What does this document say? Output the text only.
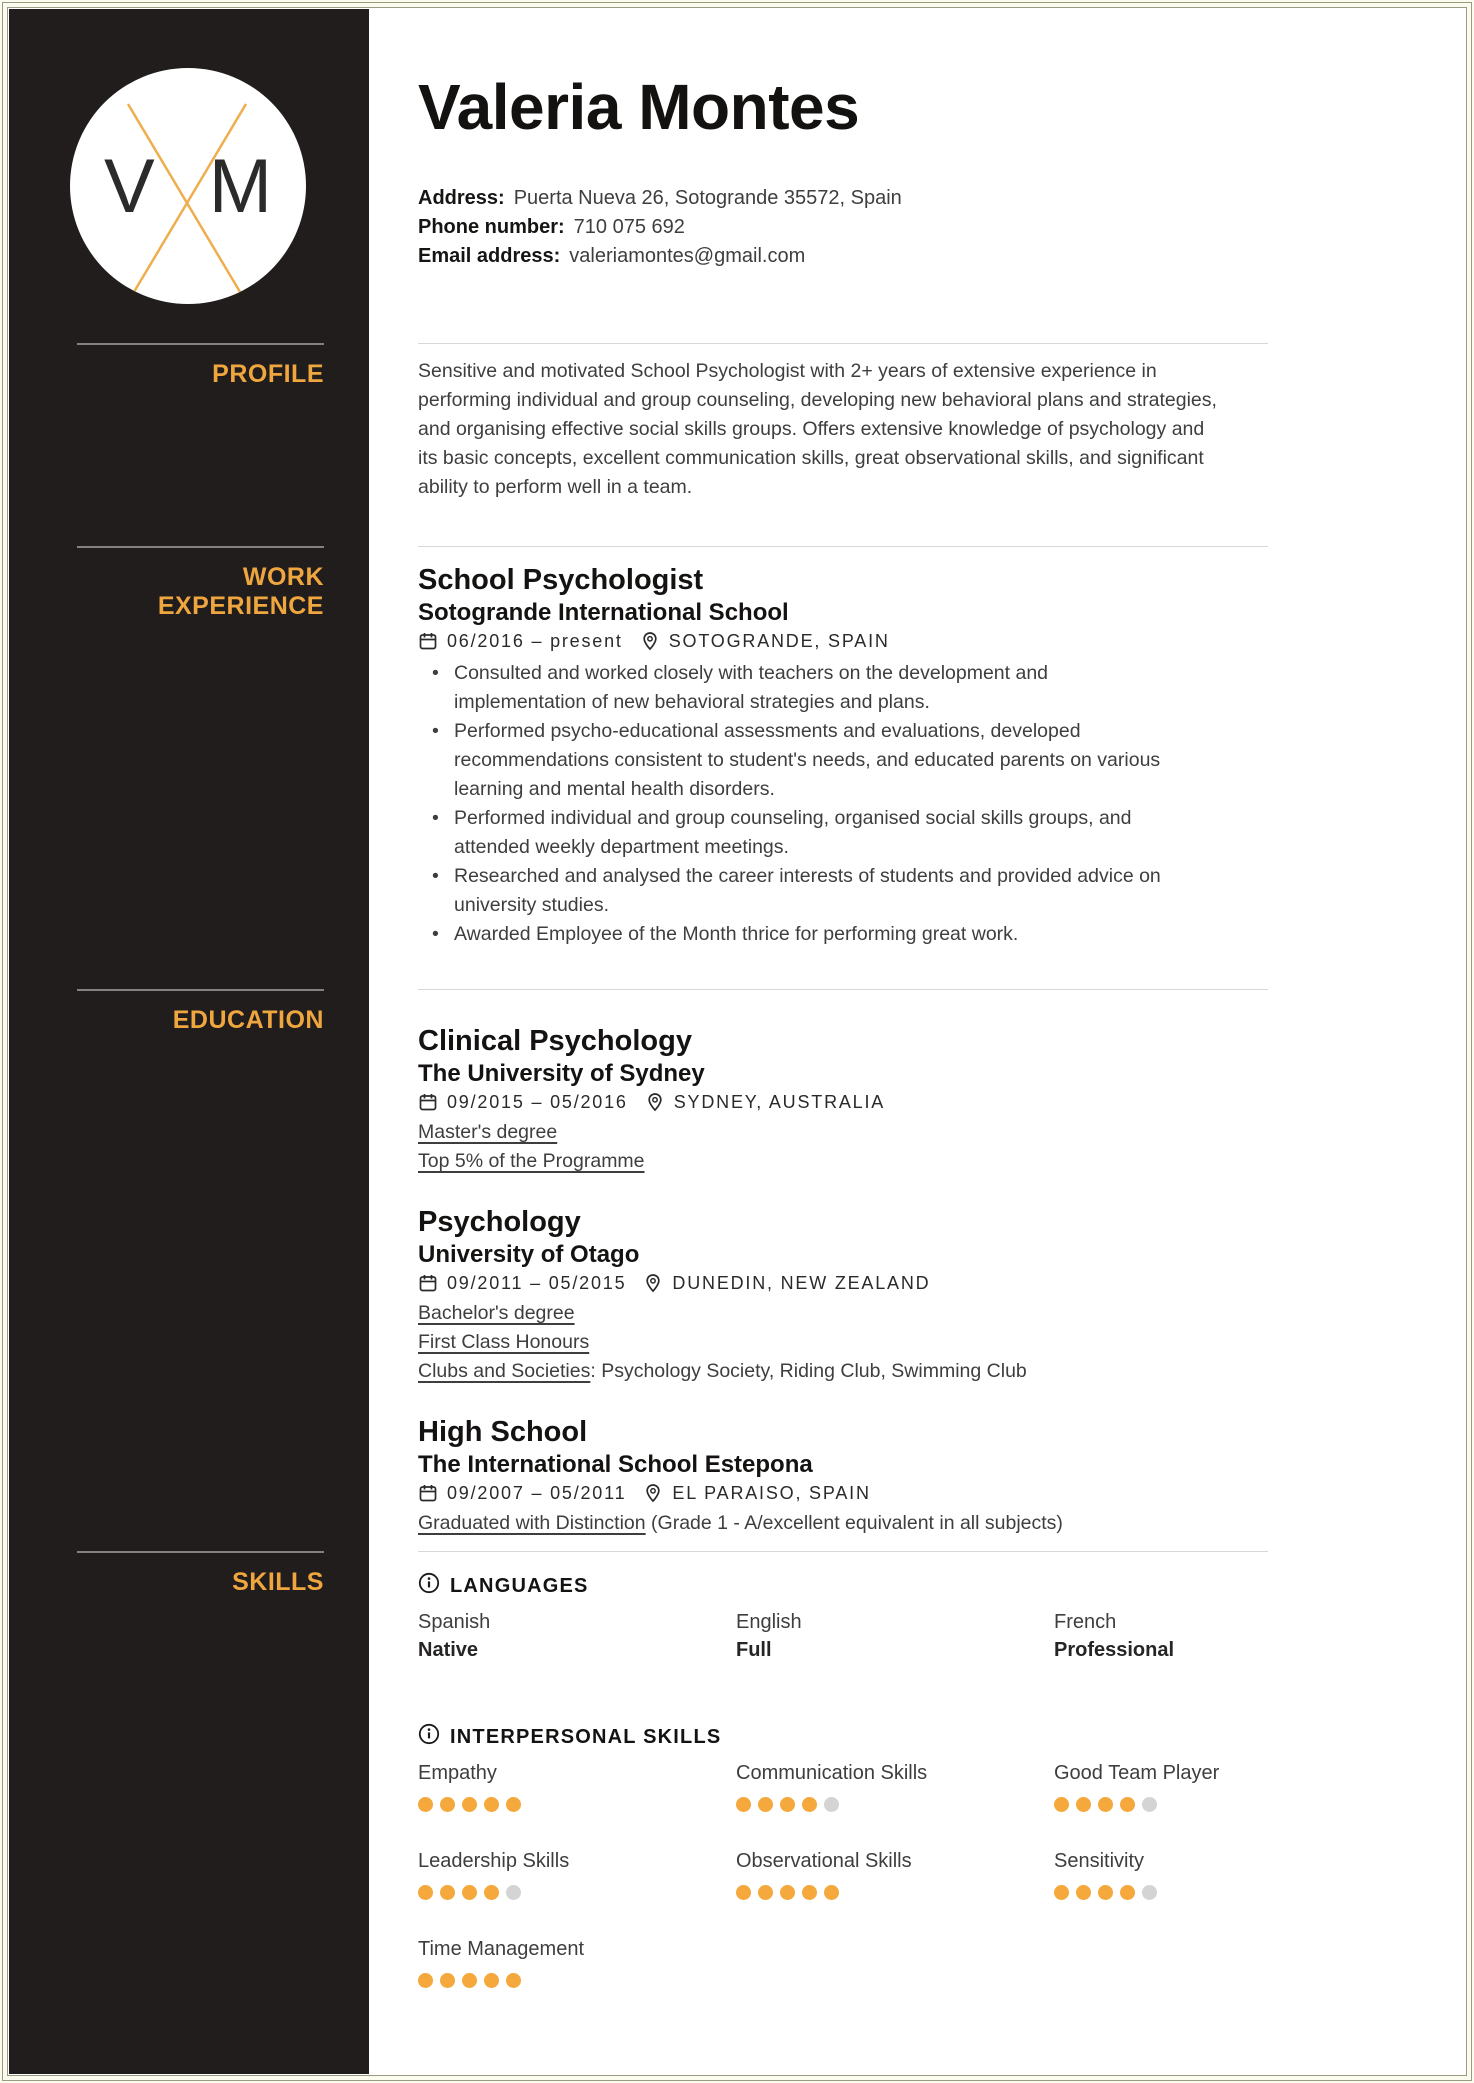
V M
PROFILE
WORK EXPERIENCE
EDUCATION
SKILLS
Valeria Montes
Address: Puerta Nueva 26, Sotogrande 35572, Spain
Phone number: 710 075 692
Email address: valeriamontes@gmail.com

Sensitive and motivated School Psychologist with 2+ years of extensive experience in performing individual and group counseling, developing new behavioral plans and strategies, and organising effective social skills groups. Offers extensive knowledge of psychology and its basic concepts, excellent communication skills, great observational skills, and significant ability to perform well in a team.

School Psychologist
Sotogrande International School
06/2016 – present	SOTOGRANDE, SPAIN
• Consulted and worked closely with teachers on the development and implementation of new behavioral strategies and plans.
• Performed psycho-educational assessments and evaluations, developed recommendations consistent to student's needs, and educated parents on various learning and mental health disorders.
• Performed individual and group counseling, organised social skills groups, and attended weekly department meetings.
• Researched and analysed the career interests of students and provided advice on university studies.
• Awarded Employee of the Month thrice for performing great work.
Clinical Psychology
The University of Sydney
09/2015 – 05/2016	SYDNEY, AUSTRALIA
Master's degree
Top 5% of the Programme
Psychology
University of Otago
09/2011 – 05/2015	DUNEDIN, NEW ZEALAND
Bachelor's degree
First Class Honours
Clubs and Societies: Psychology Society, Riding Club, Swimming Club
High School
The International School Estepona
09/2007 – 05/2011	EL PARAISO, SPAIN
Graduated with Distinction (Grade 1 - A/excellent equivalent in all subjects)
LANGUAGES
Spanish
Native
English
Full
French
Professional
INTERPERSONAL SKILLS
Empathy	Communication Skills	Good Team Player
Leadership Skills	Observational Skills	Sensitivity
Time Management
